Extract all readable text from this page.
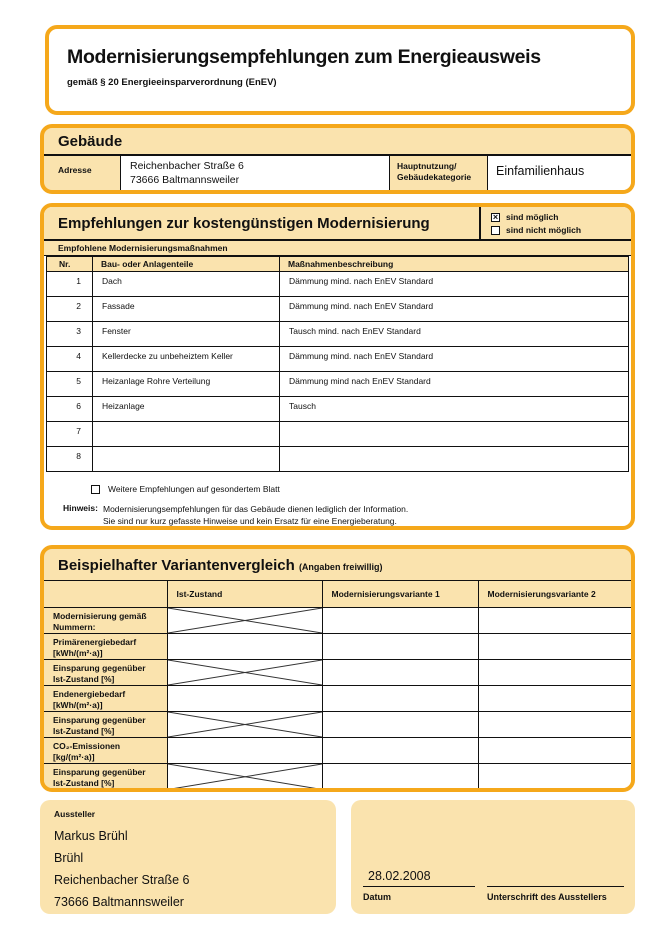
Modernisierungsempfehlungen zum Energieausweis
gemäß § 20 Energieeinsparverordnung (EnEV)
Gebäude
Adresse	Reichenbacher Straße 6
73666 Baltmannsweiler
Hauptnutzung/
Gebäudekategorie	Einfamilienhaus
Empfehlungen zur kostengünstigen Modernisierung	× sind möglich
sind nicht möglich
Empfohlene Modernisierungsmaßnahmen
Nr.	Bau- oder Anlagenteile	Maßnahmenbeschreibung
1	Dach	Dämmung mind. nach EnEV Standard
2	Fassade	Dämmung mind. nach EnEV Standard
3	Fenster	Tausch mind. nach EnEV Standard
4	Kellerdecke zu unbeheiztem Keller	Dämmung mind. nach EnEV Standard
5	Heizanlage Rohre Verteilung	Dämmung mind nach EnEV Standard
6	Heizanlage	Tausch
7		
8		
Weitere Empfehlungen auf gesondertem Blatt
Hinweis: Modernisierungsempfehlungen für das Gebäude dienen lediglich der Information.
Sie sind nur kurz gefasste Hinweise und kein Ersatz für eine Energieberatung.
Beispielhafter Variantenvergleich (Angaben freiwillig)
	Ist-Zustand	Modernisierungsvariante 1	Modernisierungsvariante 2

Modernisierung gemäß
Nummern:

Primärenergiebedarf
[kWh/(m²·a)]			

Einsparung gegenüber
Ist-Zustand [%]

Endenergiebedarf
[kWh/(m²·a)]			

Einsparung gegenüber
Ist-Zustand [%]

CO₂-Emissionen
[kg/(m²·a)]			

Einsparung gegenüber
Ist-Zustand [%]

Aussteller
Markus Brühl
Brühl
Reichenbacher Straße 6
73666 Baltmannsweiler
28.02.2008
Datum	Unterschrift des Ausstellers
